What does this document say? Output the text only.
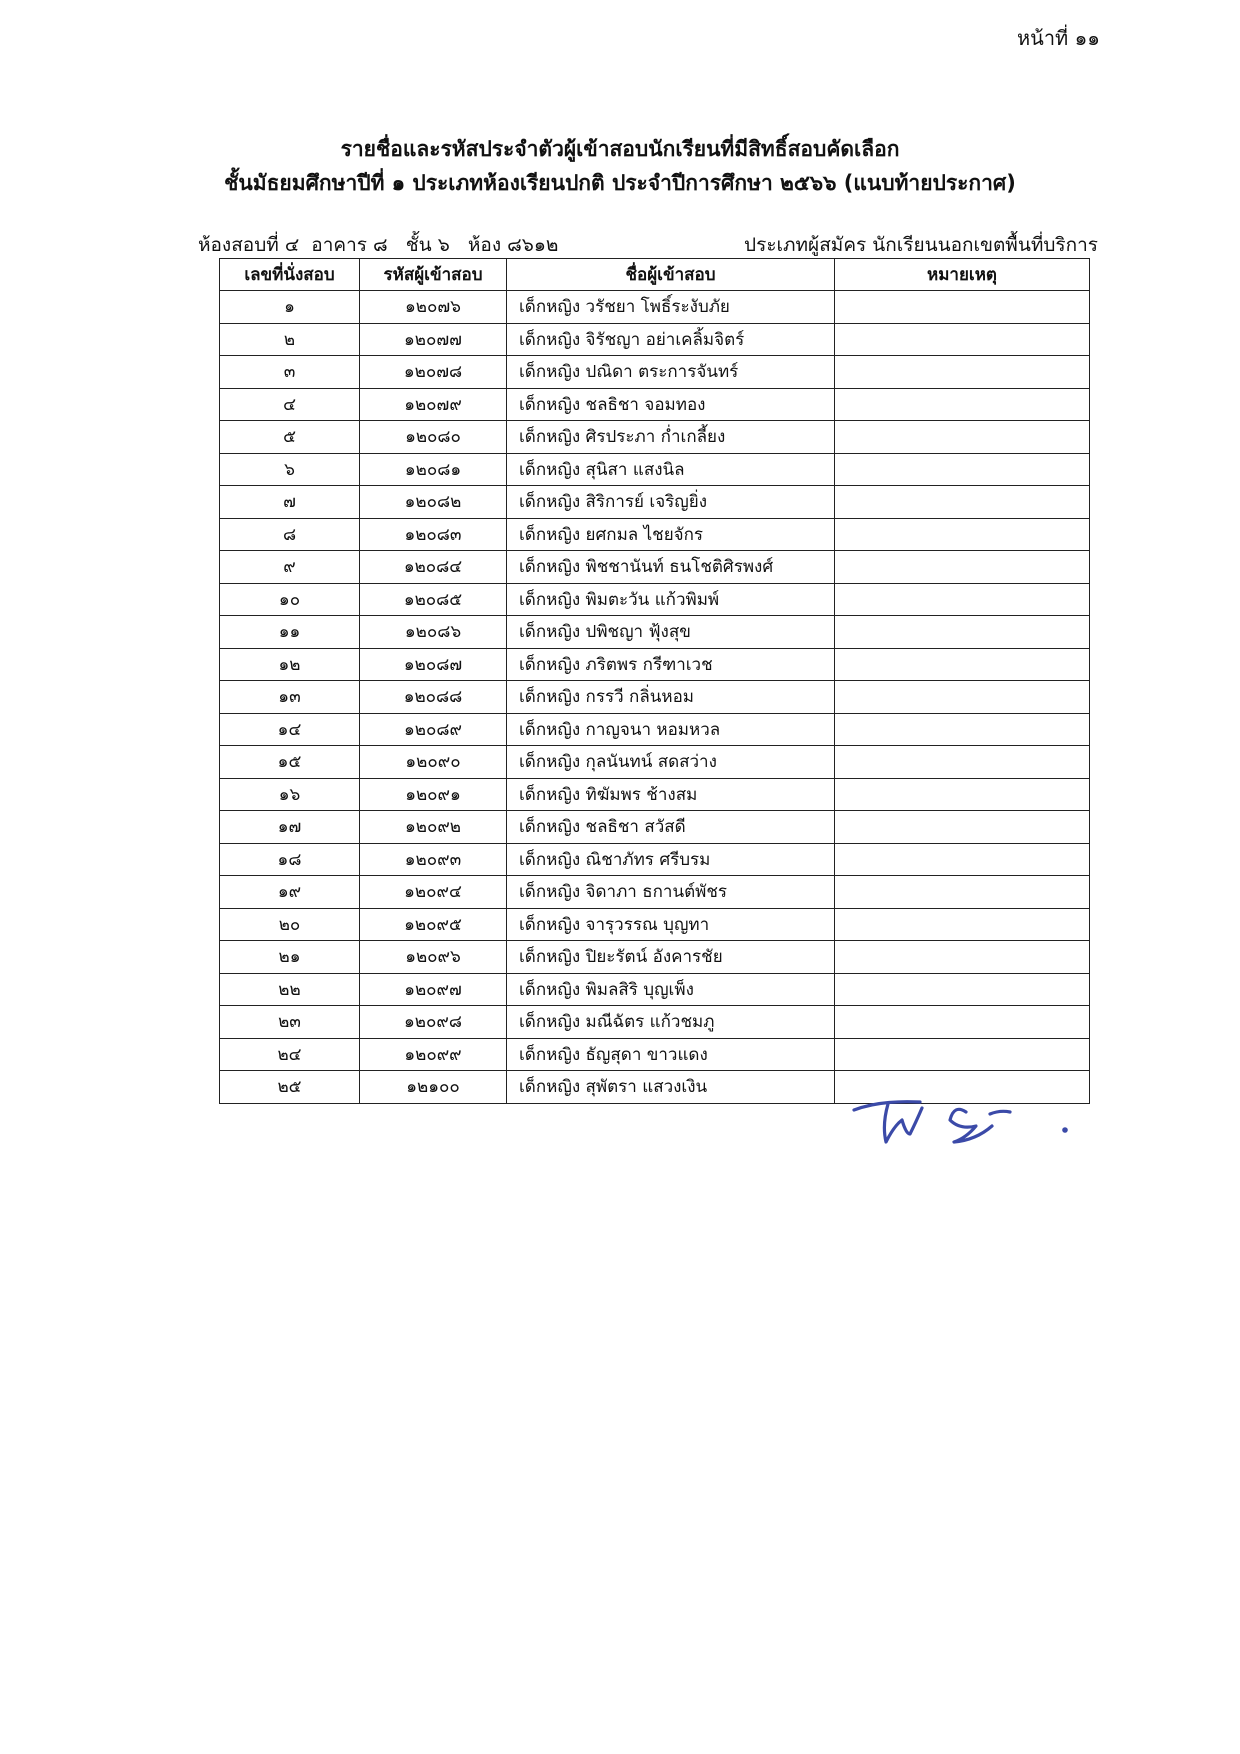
หน้าที่ ๑๑
รายชื่อและรหัสประจำตัวผู้เข้าสอบนักเรียนที่มีสิทธิ์สอบคัดเลือก
ชั้นมัธยมศึกษาปีที่ ๑ ประเภทห้องเรียนปกติ ประจำปีการศึกษา ๒๕๖๖ (แนบท้ายประกาศ)
ห้องสอบที่ ๔  อาคาร ๘   ชั้น ๖   ห้อง ๘๖๑๒	ประเภทผู้สมัคร นักเรียนนอกเขตพื้นที่บริการ
เลขที่นั่งสอบ	รหัสผู้เข้าสอบ	ชื่อผู้เข้าสอบ	หมายเหตุ
๑	๑๒๐๗๖	เด็กหญิง วรัชยา โพธิ์ระงับภัย	
๒	๑๒๐๗๗	เด็กหญิง จิรัชญา อย่าเคลิ้มจิตร์	
๓	๑๒๐๗๘	เด็กหญิง ปณิดา ตระการจันทร์	
๔	๑๒๐๗๙	เด็กหญิง ชลธิชา จอมทอง	
๕	๑๒๐๘๐	เด็กหญิง ศิรประภา ก่ำเกลี้ยง	
๖	๑๒๐๘๑	เด็กหญิง สุนิสา แสงนิล	
๗	๑๒๐๘๒	เด็กหญิง สิริการย์ เจริญยิ่ง	
๘	๑๒๐๘๓	เด็กหญิง ยศกมล ไชยจักร	
๙	๑๒๐๘๔	เด็กหญิง พิชชานันท์ ธนโชติศิรพงศ์	
๑๐	๑๒๐๘๕	เด็กหญิง พิมตะวัน แก้วพิมพ์	
๑๑	๑๒๐๘๖	เด็กหญิง ปพิชญา ฟุ้งสุข	
๑๒	๑๒๐๘๗	เด็กหญิง ภริตพร กรีฑาเวช	
๑๓	๑๒๐๘๘	เด็กหญิง กรรวี กลิ่นหอม	
๑๔	๑๒๐๘๙	เด็กหญิง กาญจนา หอมหวล	
๑๕	๑๒๐๙๐	เด็กหญิง กุลนันทน์ สดสว่าง	
๑๖	๑๒๐๙๑	เด็กหญิง ทิฆัมพร ช้างสม	
๑๗	๑๒๐๙๒	เด็กหญิง ชลธิชา สวัสดี	
๑๘	๑๒๐๙๓	เด็กหญิง ณิชาภัทร ศรีบรม	
๑๙	๑๒๐๙๔	เด็กหญิง จิดาภา ธกานต์พัชร	
๒๐	๑๒๐๙๕	เด็กหญิง จารุวรรณ บุญทา	
๒๑	๑๒๐๙๖	เด็กหญิง ปิยะรัตน์ อังคารชัย	
๒๒	๑๒๐๙๗	เด็กหญิง พิมลสิริ บุญเพ็ง	
๒๓	๑๒๐๙๘	เด็กหญิง มณีฉัตร แก้วชมภู	
๒๔	๑๒๐๙๙	เด็กหญิง ธัญสุดา ขาวแดง	
๒๕	๑๒๑๐๐	เด็กหญิง สุพัตรา แสวงเงิน	
